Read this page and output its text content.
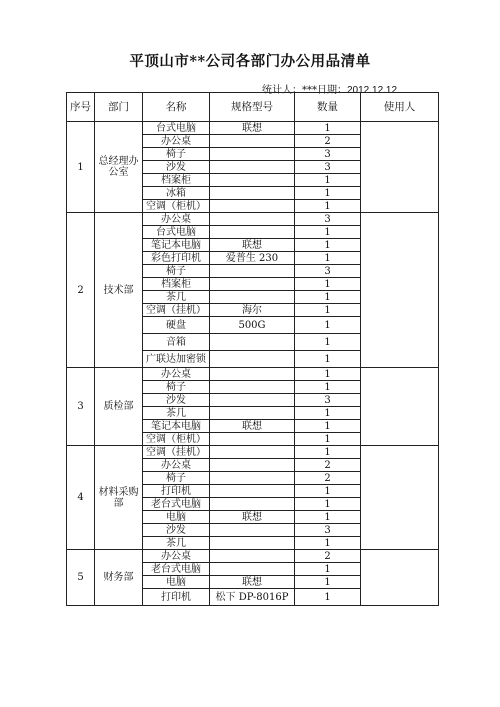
平顶山市**公司各部门办公用品清单
统计人：***日期：2012.12.12
序号	部门	名称	规格型号	数量	使用人
1	总经理办公室	台式电脑	联想	1	
		办公桌		2	
		椅子		3	
		沙发		3	
		档案柜		1	
		冰箱		1	
		空调（柜机）		1	
2	技术部	办公桌		3	
		台式电脑		1	
		笔记本电脑	联想	1	
		彩色打印机	爱普生 230	1	
		椅子		3	
		档案柜		1	
		茶几		1	
		空调（挂机）	海尔	1	
		硬盘	500G	1	
		音箱		1	
		广联达加密锁		1	
3	质检部	办公桌		1	
		椅子		1	
		沙发		3	
		茶几		1	
		笔记本电脑	联想	1	
		空调（柜机）		1	
4	材料采购部	空调（挂机）		1	
		办公桌		2	
		椅子		2	
		打印机		1	
		老台式电脑		1	
		电脑	联想	1	
		沙发		3	
		茶几		1	
5	财务部	办公桌		2	
		老台式电脑		1	
		电脑	联想	1	
		打印机	松下 DP-8016P	1	
